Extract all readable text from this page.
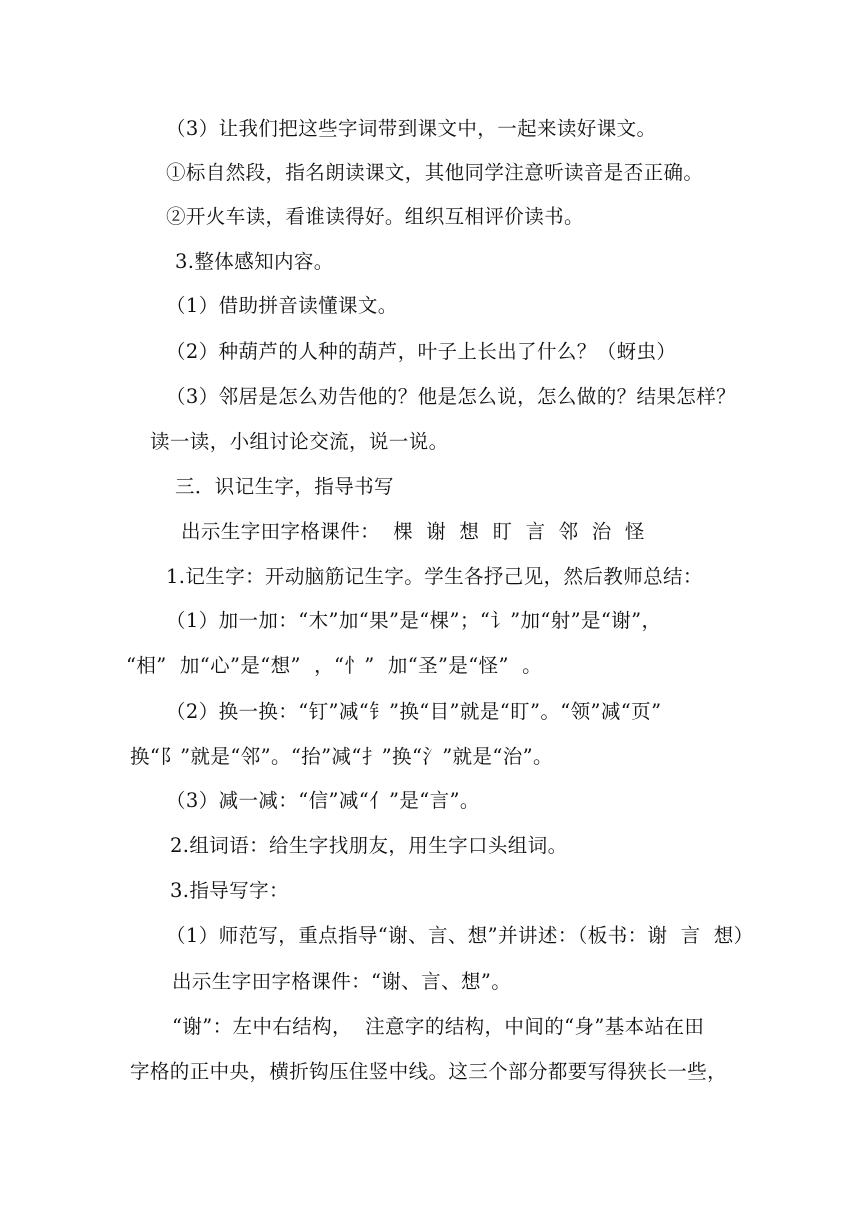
（3）让我们把这些字词带到课文中，一起来读好课文。
①标自然段，指名朗读课文，其他同学注意听读音是否正确。
②开火车读，看谁读得好。组织互相评价读书。
3.整体感知内容。
（1）借助拼音读懂课文。
（2）种葫芦的人种的葫芦，叶子上长出了什么？（蚜虫）
（3）邻居是怎么劝告他的？他是怎么说，怎么做的？结果怎样？
读一读，小组讨论交流，说一说。
三．识记生字，指导书写
出示生字田字格课件：  棵  谢  想  盯  言  邻  治  怪
1.记生字：开动脑筋记生字。学生各抒己见，然后教师总结：
（1）加一加：“木”加“果”是“棵”；“讠”加“射”是“谢”，
“相”  加“心”是“想”  ，“忄”  加“圣”是“怪”  。
（2）换一换：“钉”减“钅”换“目”就是“盯”。“领”减“页”
换“阝”就是“邻”。“抬”减“扌”换“氵”就是“治”。
（3）减一减：“信”减“亻”是“言”。
2.组词语：给生字找朋友，用生字口头组词。
3.指导写字：
（1）师范写，重点指导“谢、言、想”并讲述：（板书：谢  言  想）
出示生字田字格课件：“谢、言、想”。
“谢”：左中右结构，  注意字的结构，中间的“身”基本站在田
字格的正中央，横折钩压住竖中线。这三个部分都要写得狭长一些，
